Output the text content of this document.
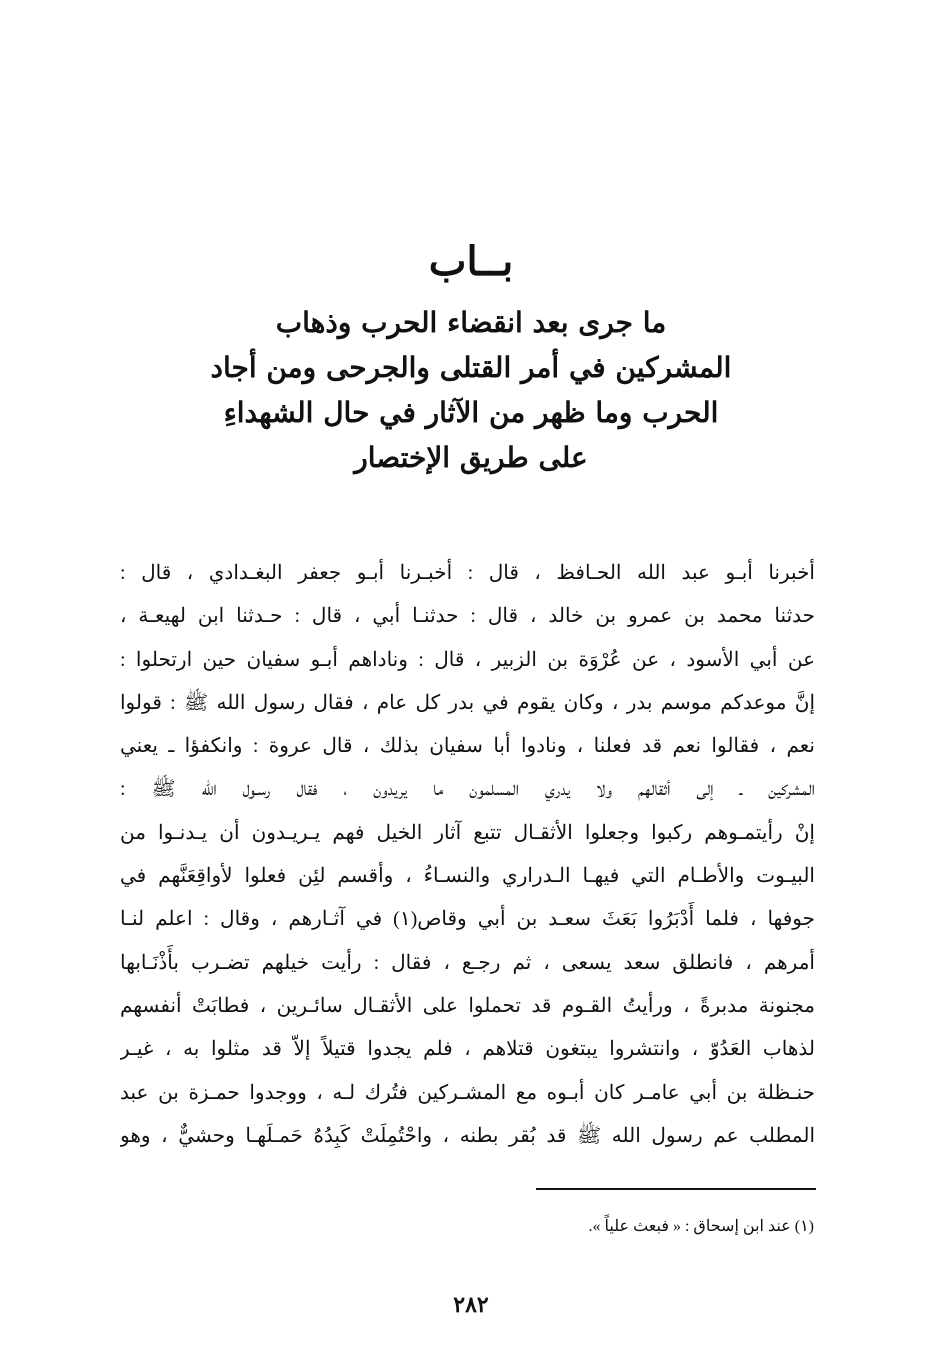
بــاب
ما جرى بعد انقضاء الحرب وذهاب
المشركين في أمر القتلى والجرحى ومن أجاد
الحرب وما ظهر من الآثار في حال الشهداءِ
على طريق الإختصار
أخبرنا أبـو عبد الله الحـافظ ، قال : أخبـرنا أبـو جعفر البغـدادي ، قال :
حدثنا محمد بن عمرو بن خالد ، قال : حدثنـا أبي ، قال : حـدثنا ابن لهيعـة ،
عن أبي الأسود ، عن عُرْوَة بن الزبير ، قال : وناداهم أبـو سفيان حين ارتحلوا :
إنَّ موعدكم موسم بدر ، وكان يقوم في بدر كل عام ، فقال رسول الله ﷺ : قولوا
نعم ، فقالوا نعم قد فعلنا ، ونادوا أبا سفيان بذلك ، قال عروة : وانكفؤا ـ يعني
المشركين ـ إلى أثقالهم ولا يدري المسلمون ما يريدون ، فقال رسـول الله ﷺ :
إنْ رأيتمـوهم ركبوا وجعلوا الأثقـال تتبع آثار الخيل فهم يـريـدون أن يـدنـوا من
البيـوت والأطـام التي فيهـا الـدراري والنسـاءُ ، وأقسم لئِن فعلوا لأواقِعَنَّهم في
جوفها ، فلما أَدْبَرُوا بَعَثَ سعـد بن أبي وقاص(١) في آثـارهم ، وقال : اعلم لنـا
أمرهم ، فانطلق سعد يسعى ، ثم رجـع ، فقال : رأيت خيلهم تضـرب بأَذْنَـابها
مجنونة مدبرةً ، ورأيتُ القـوم قد تحملوا على الأثقـال سائـرين ، فطابَتْ أنفسهم
لذهاب العَدُوّ ، وانتشروا يبتغون قتلاهم ، فلم يجدوا قتيلاً إلاّ قد مثلوا به ، غيـر
حنـظلة بن أبي عامـر كان أبـوه مع المشـركين فتُرك لـه ، ووجدوا حمـزة بن عبد
المطلب عم رسول الله ﷺ قد بُقر بطنه ، واحْتُمِلَتْ كَبِدُهُ حَمـلَهـا وحشيٌّ ، وهو
(١) عند ابن إسحاق : « فبعث علياً ».
٢٨٢
